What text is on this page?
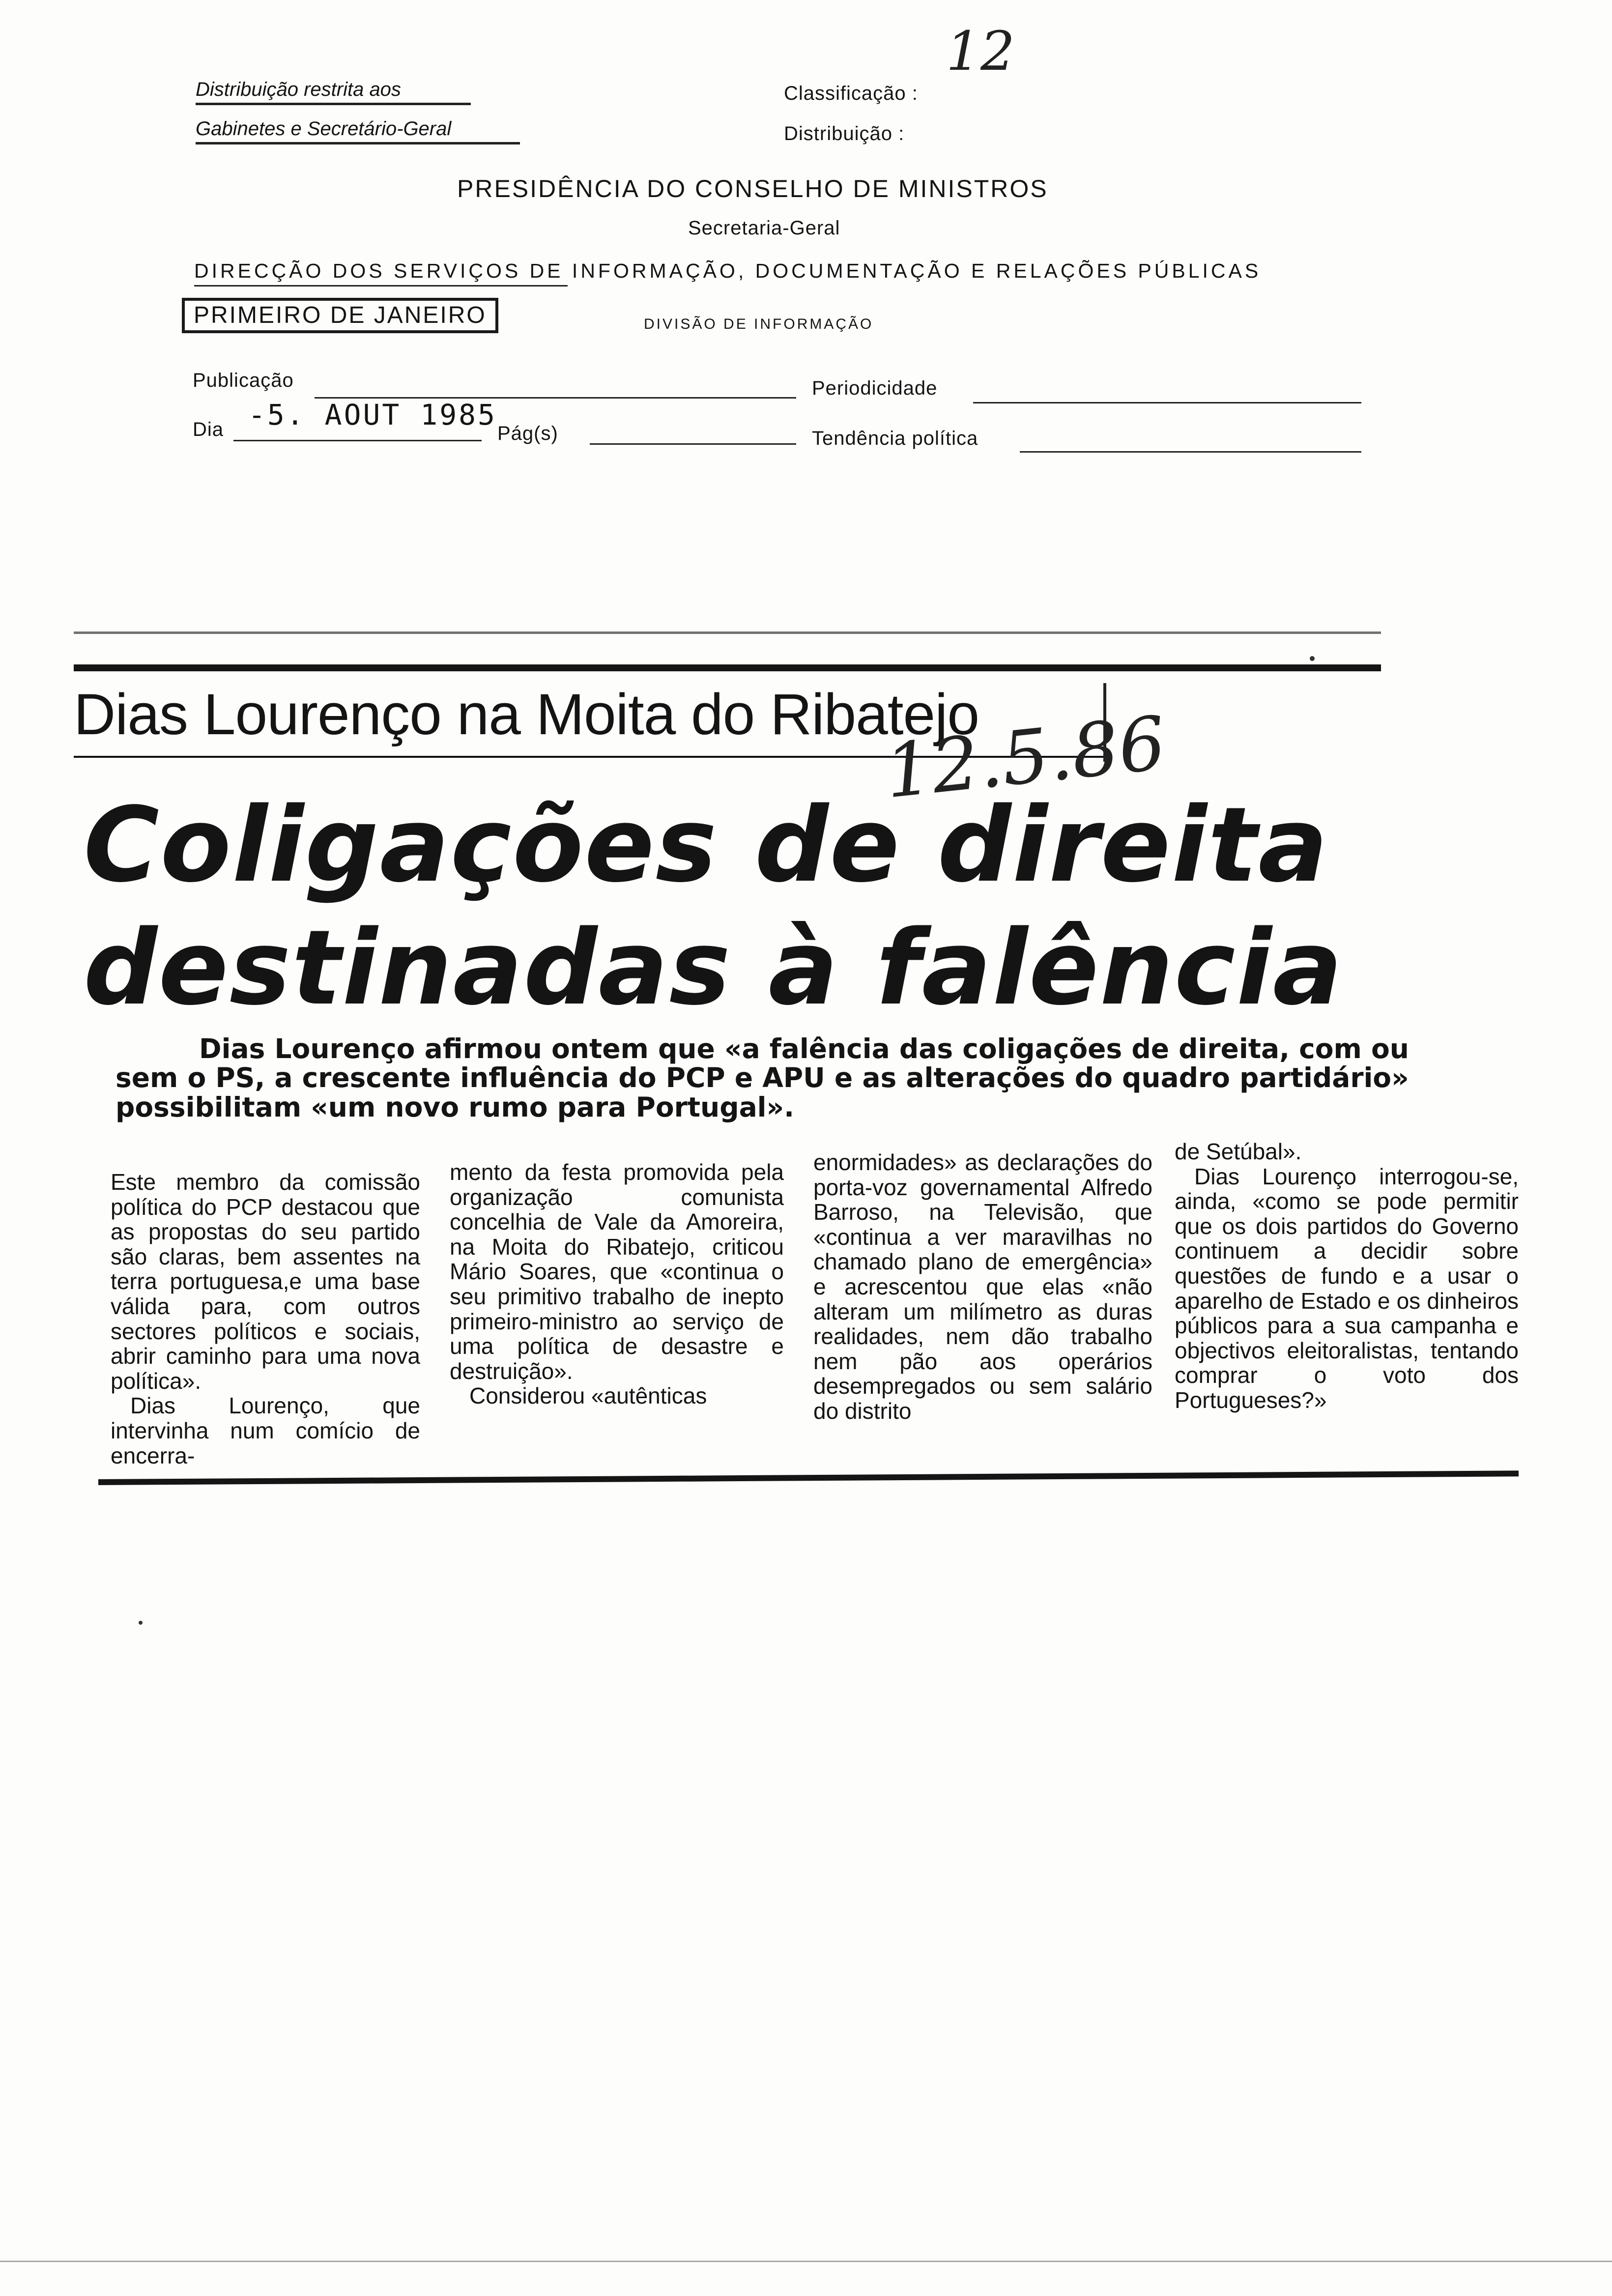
Distribuição restrita aos
Gabinetes e Secretário-Geral
Classificação :
Distribuição :
12
PRESIDÊNCIA DO CONSELHO DE MINISTROS
Secretaria-Geral
DIRECÇÃO DOS SERVIÇOS DE INFORMAÇÃO, DOCUMENTAÇÃO E RELAÇÕES PÚBLICAS
PRIMEIRO DE JANEIRO	DIVISÃO DE INFORMAÇÃO
Publicação	Periodicidade
Dia -5. AOUT 1985
Pág(s)	Tendência política
Dias Lourenço na Moita do Ribatejo
Coligações de direita
destinadas à falência
12.5.86
Dias Lourenço afirmou ontem que «a falência das coligações de direita, com ou sem o PS, a crescente influência do PCP e APU e as alterações do quadro partidário» possibilitam «um novo rumo para Portugal».

Este membro da comissão política do PCP destacou que as propostas do seu partido são claras, bem assentes na terra portuguesa,e uma base válida para, com outros sectores políticos e sociais, abrir caminho para uma nova política».

Dias Lourenço, que intervinha num comício de encerra-

mento da festa promovida pela organização comunista concelhia de Vale da Amoreira, na Moita do Ribatejo, criticou Mário Soares, que «continua o seu primitivo trabalho de inepto primeiro-ministro ao serviço de uma política de desastre e destruição».

Considerou «autênticas

enormidades» as declarações do porta-voz governamental Alfredo Barroso, na Televisão, que «continua a ver maravilhas no chamado plano de emergência» e acrescentou que elas «não alteram um milímetro as duras realidades, nem dão trabalho nem pão aos operários desempregados ou sem salário do distrito

de Setúbal».

Dias Lourenço interrogou-se, ainda, «como se pode permitir que os dois partidos do Governo continuem a decidir sobre questões de fundo e a usar o aparelho de Estado e os dinheiros públicos para a sua campanha e objectivos eleitoralistas, tentando comprar o voto dos Portugueses?»
